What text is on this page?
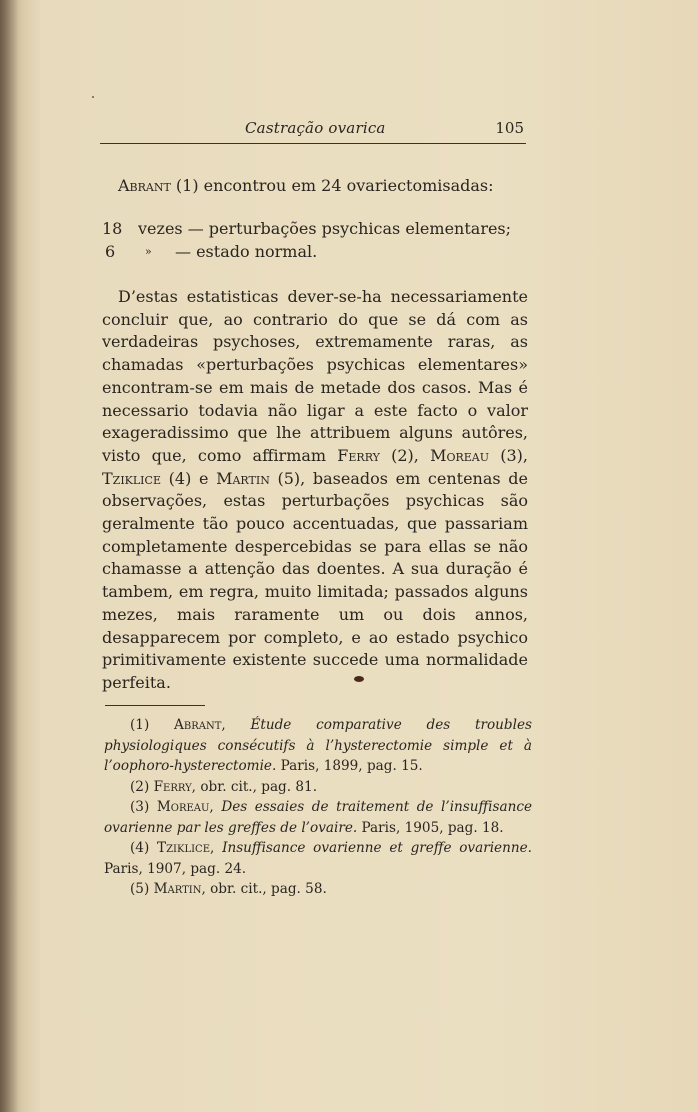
Castração ovarica	105

Abrant (1) encontrou em 24 ovariectomisadas:

18 vezes — perturbações psychicas elementares;
6	»	— estado normal.

D’estas estatisticas dever-se-ha necessariamente concluir que, ao contrario do que se dá com as verdadeiras psychoses, extremamente raras, as chamadas «perturbações psychicas elementares» encontram-se em mais de metade dos casos. Mas é necessario todavia não ligar a este facto o valor exageradissimo que lhe attribuem alguns autôres, visto que, como affirmam Ferry (2), Moreau (3), Tziklice (4) e Martin (5), baseados em centenas de observações, estas perturbações psychicas são geralmente tão pouco accentuadas, que passariam completamente despercebidas se para ellas se não chamasse a attenção das doentes. A sua duração é tambem, em regra, muito limitada; passados alguns mezes, mais raramente um ou dois annos, desapparecem por completo, e ao estado psychico primitivamente existente succede uma normalidade perfeita.

(1) Abrant, Étude comparative des troubles physiologiques consécutifs à l’hysterectomie simple et à l’oophoro-hysterectomie. Paris, 1899, pag. 15.

(2) Ferry, obr. cit., pag. 81.

(3) Moreau, Des essaies de traitement de l’insuffisance ovarienne par les greffes de l’ovaire. Paris, 1905, pag. 18.

(4) Tziklice, Insuffisance ovarienne et greffe ovarienne. Paris, 1907, pag. 24.

(5) Martin, obr. cit., pag. 58.
